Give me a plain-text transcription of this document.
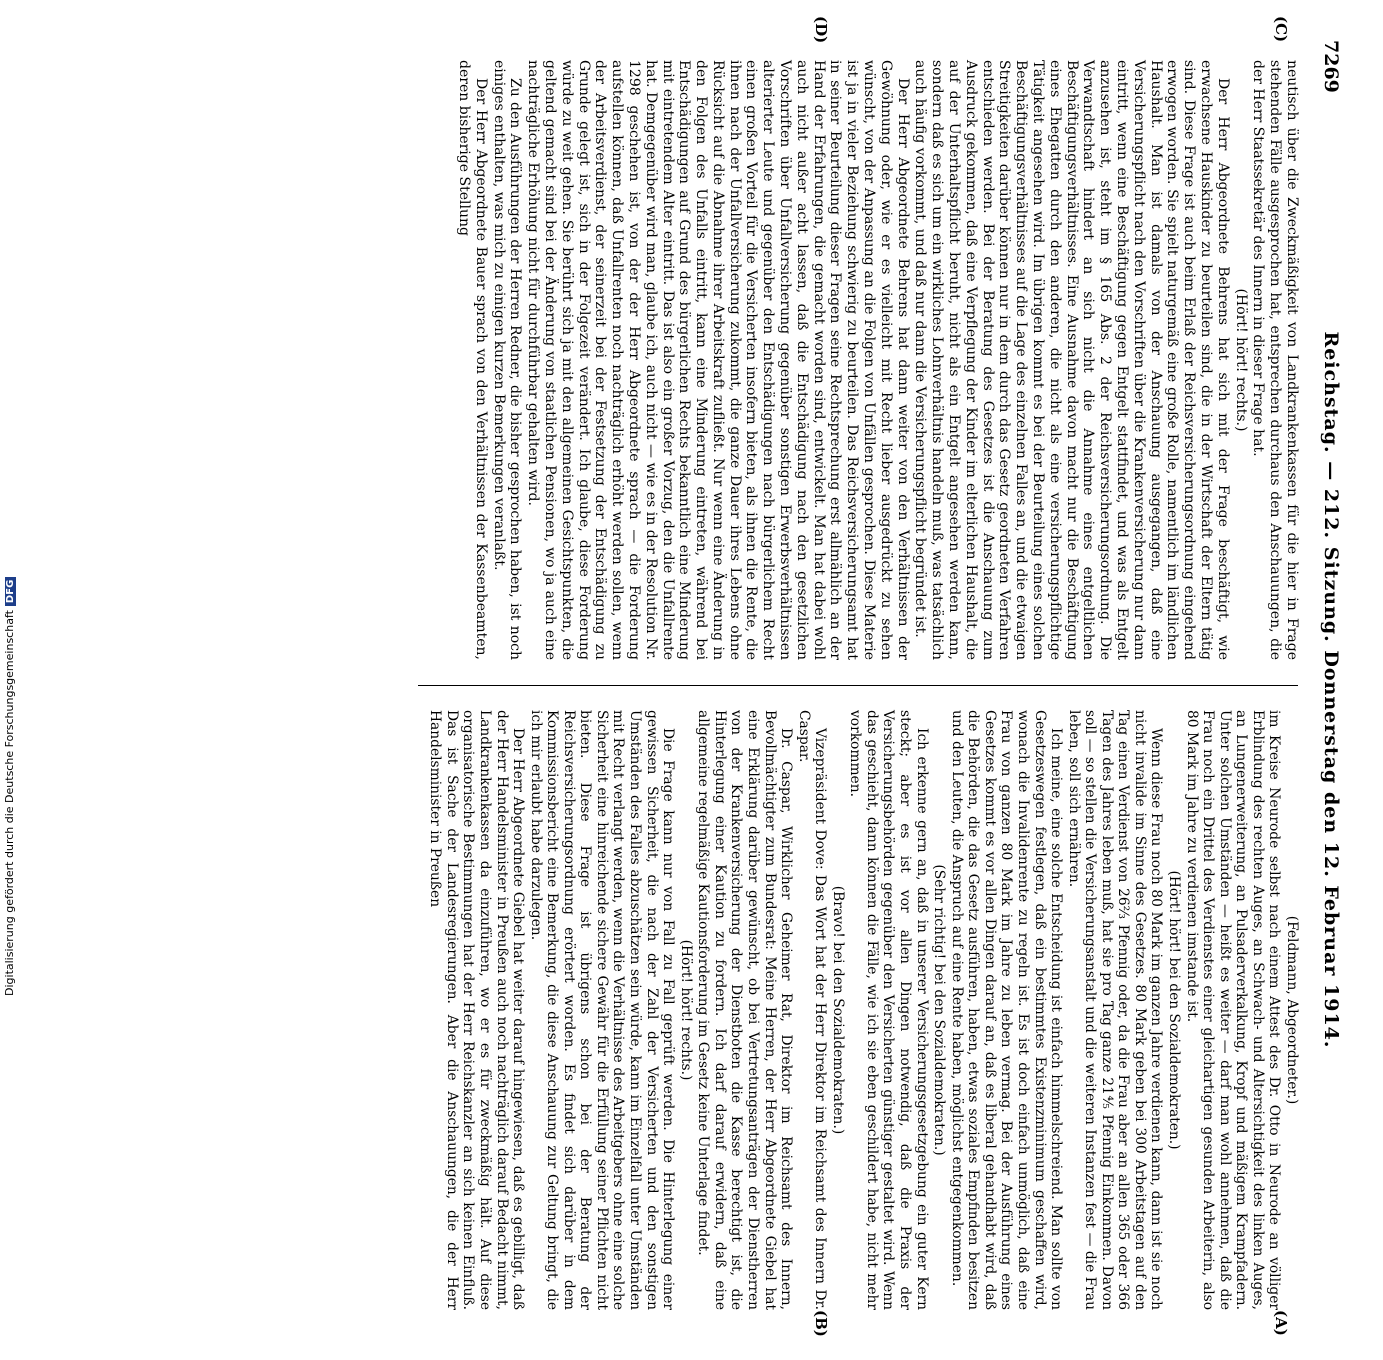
7269
Reichstag. — 212. Sitzung. Donnerstag den 12. Februar 1914.
(C)
(D)
(A)
(B)

neutisch über die Zweckmäßigkeit von Landkrankenkassen für die hier in Frage stehenden Fälle ausgesprochen hat, entsprechen durchaus den Anschauungen, die der Herr Staatssekretär des Innern in dieser Frage hat.

(Hört! hört! rechts.)

Der Herr Abgeordnete Behrens hat sich mit der Frage beschäftigt, wie erwachsene Hauskinder zu beurteilen sind, die in der Wirtschaft der Eltern tätig sind. Diese Frage ist auch beim Erlaß der Reichsversicherungsordnung eingehend erwogen worden. Sie spielt naturgemäß eine große Rolle, namentlich im ländlichen Haushalt. Man ist damals von der Anschauung ausgegangen, daß eine Versicherungspflicht nach den Vorschriften über die Krankenversicherung nur dann eintritt, wenn eine Beschäftigung gegen Entgelt stattfindet, und was als Entgelt anzusehen ist, steht im § 165 Abs. 2 der Reichsversicherungsordnung. Die Verwandtschaft hindert an sich nicht die Annahme eines entgeltlichen Beschäftigungsverhältnisses. Eine Ausnahme davon macht nur die Beschäftigung eines Ehegatten durch den anderen, die nicht als eine versicherungspflichtige Tätigkeit angesehen wird. Im übrigen kommt es bei der Beurteilung eines solchen Beschäftigungsverhältnisses auf die Lage des einzelnen Falles an, und die etwaigen Streitigkeiten darüber können nur in dem durch das Gesetz geordneten Verfahren entschieden werden. Bei der Beratung des Gesetzes ist die Anschauung zum Ausdruck gekommen, daß eine Verpflegung der Kinder im elterlichen Haushalt, die auf der Unterhaltspflicht beruht, nicht als ein Entgelt angesehen werden kann, sondern daß es sich um ein wirkliches Lohnverhältnis handeln muß, was tatsächlich auch häufig vorkommt, und daß nur dann die Versicherungspflicht begründet ist.

Der Herr Abgeordnete Behrens hat dann weiter von den Verhältnissen der Gewöhnung oder, wie er es vielleicht mit Recht lieber ausgedrückt zu sehen wünscht, von der Anpassung an die Folgen von Unfällen gesprochen. Diese Materie ist ja in vieler Beziehung schwierig zu beurteilen. Das Reichsversicherungsamt hat in seiner Beurteilung dieser Fragen seine Rechtsprechung erst allmählich an der Hand der Erfahrungen, die gemacht worden sind, entwickelt. Man hat dabei wohl auch nicht außer acht lassen, daß die Entschädigung nach den gesetzlichen Vorschriften über Unfallversicherung gegenüber sonstigen Erwerbsverhältnissen alterierter Leute und gegenüber den Entschädigungen nach bürgerlichem Recht einen großen Vorteil für die Versicherten insofern bieten, als ihnen die Rente, die ihnen nach der Unfallversicherung zukommt, die ganze Dauer ihres Lebens ohne Rücksicht auf die Abnahme ihrer Arbeitskraft zufließt. Nur wenn eine Änderung in den Folgen des Unfalls eintritt, kann eine Minderung eintreten, während bei Entschädigungen auf Grund des bürgerlichen Rechts bekanntlich eine Minderung mit eintretendem Alter eintritt. Das ist also ein großer Vorzug, den die Unfallrente hat. Demgegenüber wird man, glaube ich, auch nicht — wie es in der Resolution Nr. 1298 geschehen ist, von der der Herr Abgeordnete sprach — die Forderung aufstellen können, daß Unfallrenten noch nachträglich erhöht werden sollen, wenn der Arbeitsverdienst, der seinerzeit bei der Festsetzung der Entschädigung zu Grunde gelegt ist, sich in der Folgezeit verändert. Ich glaube, diese Forderung würde zu weit gehen. Sie berührt sich ja mit den allgemeinen Gesichtspunkten, die geltend gemacht sind bei der Änderung von staatlichen Pensionen, wo ja auch eine nachträgliche Erhöhung nicht für durchführbar gehalten wird.

Zu den Ausführungen der Herren Redner, die bisher gesprochen haben, ist noch einiges enthalten, was mich zu einigen kurzen Bemerkungen veranlaßt.

Der Herr Abgeordnete Bauer sprach von den Verhältnissen der Kassenbeamten, deren bisherige Stellung

(Feldmann, Abgeordneter.)

im Kreise Neurode selbst nach einem Attest des Dr. Otto in Neurode an völliger Erblindung des rechten Auges, an Schwach- und Altersichtigkeit des linken Auges, an Lungenerweiterung, an Pulsaderverkalkung, Kropf und mäßigem Krampfadern. Unter solchen Umständen — heißt es weiter — darf man wohl annehmen, daß die Frau noch ein Drittel des Verdienstes einer gleichartigen gesunden Arbeiterin, also 80 Mark im Jahre zu verdienen imstande ist.

(Hört! hört! bei den Sozialdemokraten.)

Wenn diese Frau noch 80 Mark im ganzen Jahre verdienen kann, dann ist sie noch nicht invalide im Sinne des Gesetzes. 80 Mark geben bei 300 Arbeitstagen auf den Tag einen Verdienst von 26⅔ Pfennig oder, da die Frau aber an allen 365 oder 366 Tagen des Jahres leben muß, hat sie pro Tag ganze 21⅘ Pfennig Einkommen. Davon soll — so stellen die Versicherungsanstalt und die weiteren Instanzen fest — die Frau leben, soll sich ernähren.

Ich meine, eine solche Entscheidung ist einfach himmelschreiend. Man sollte von Gesetzeswegen festlegen, daß ein bestimmtes Existenzminimum geschaffen wird, wonach die Invalidenrente zu regeln ist. Es ist doch einfach unmöglich, daß eine Frau von ganzen 80 Mark im Jahre zu leben vermag. Bei der Ausführung eines Gesetzes kommt es vor allen Dingen darauf an, daß es liberal gehandhabt wird, daß die Behörden, die das Gesetz ausführen, haben, etwas soziales Empfinden besitzen und den Leuten, die Anspruch auf eine Rente haben, möglichst entgegenkommen.

(Sehr richtig! bei den Sozialdemokraten.)

Ich erkenne gern an, daß in unserer Versicherungsgesetzgebung ein guter Kern steckt; aber es ist vor allen Dingen notwendig, daß die Praxis der Versicherungsbehörden gegenüber den Versicherten günstiger gestaltet wird. Wenn das geschieht, dann können die Fälle, wie ich sie eben geschildert habe, nicht mehr vorkommen.

(Bravo! bei den Sozialdemokraten.)

Vizepräsident Dove: Das Wort hat der Herr Direktor im Reichsamt des Innern Dr. Caspar.

Dr. Caspar, Wirklicher Geheimer Rat, Direktor im Reichsamt des Innern, Bevollmächtigter zum Bundesrat: Meine Herren, der Herr Abgeordnete Giebel hat eine Erklärung darüber gewünscht, ob bei Vertretungsanträgen der Dienstherren von der Krankenversicherung der Dienstboten die Kasse berechtigt ist, die Hinterlegung einer Kaution zu fordern. Ich darf darauf erwidern, daß eine allgemeine regelmäßige Kautionsforderung im Gesetz keine Unterlage findet.

(Hört! hört! rechts.)

Die Frage kann nur von Fall zu Fall geprüft werden. Die Hinterlegung einer gewissen Sicherheit, die nach der Zahl der Versicherten und den sonstigen Umständen des Falles abzuschätzen sein würde, kann im Einzelfall unter Umständen mit Recht verlangt werden, wenn die Verhältnisse des Arbeitgebers ohne eine solche Sicherheit eine hinreichende sichere Gewähr für die Erfüllung seiner Pflichten nicht bieten. Diese Frage ist übrigens schon bei der Beratung der Reichsversicherungsordnung erörtert worden. Es findet sich darüber in dem Kommissionsbericht eine Bemerkung, die diese Anschauung zur Geltung bringt, die ich mir erlaubt habe darzulegen.

Der Herr Abgeordnete Giebel hat weiter darauf hingewiesen, daß es gebilligt, daß der Herr Handelsminister in Preußen auch noch nachträglich darauf Bedacht nimmt, Landkrankenkassen da einzuführen, wo er es für zweckmäßig hält. Auf diese organisatorische Bestimmungen hat der Herr Reichskanzler an sich keinen Einfluß. Das ist Sache der Landesregierungen. Aber die Anschauungen, die der Herr Handelsminister in Preußen

Digitalisierung gefördert durch die Deutsche ForschungsgemeinschaftDFG
